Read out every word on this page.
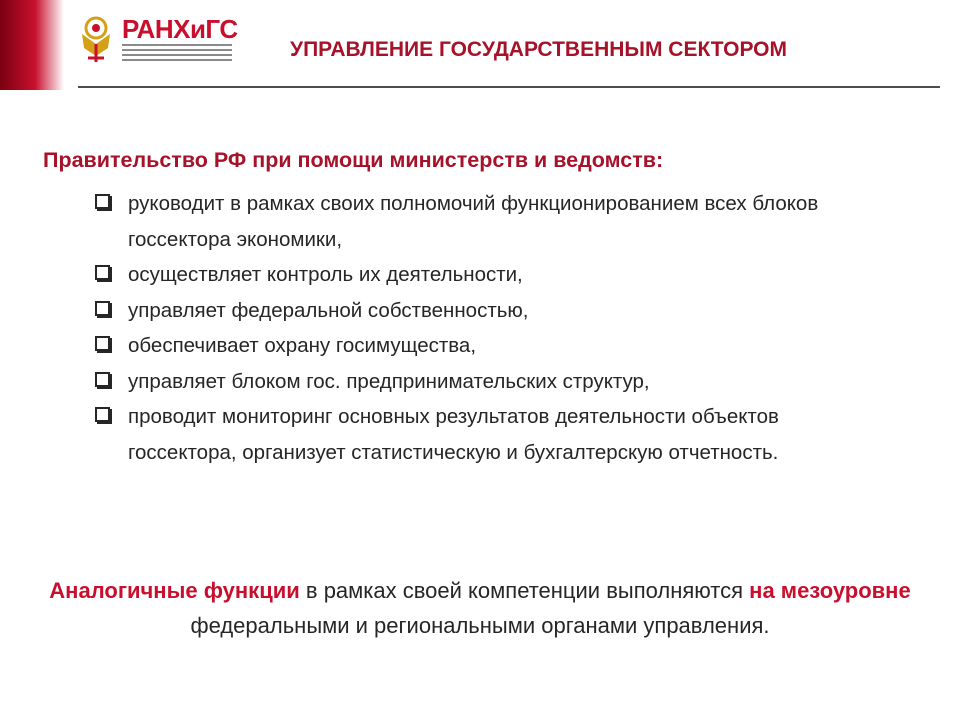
РАНХиГС
УПРАВЛЕНИЕ ГОСУДАРСТВЕННЫМ СЕКТОРОМ
Правительство РФ при помощи министерств и ведомств:
руководит в рамках своих полномочий функционированием всех блоков госсектора экономики,
осуществляет контроль их деятельности,
управляет федеральной собственностью,
обеспечивает охрану госимущества,
управляет блоком гос. предпринимательских структур,
проводит мониторинг основных результатов деятельности объектов госсектора, организует статистическую и бухгалтерскую отчетность.
Аналогичные функции в рамках своей компетенции выполняются на мезоуровне федеральными и региональными органами управления.
